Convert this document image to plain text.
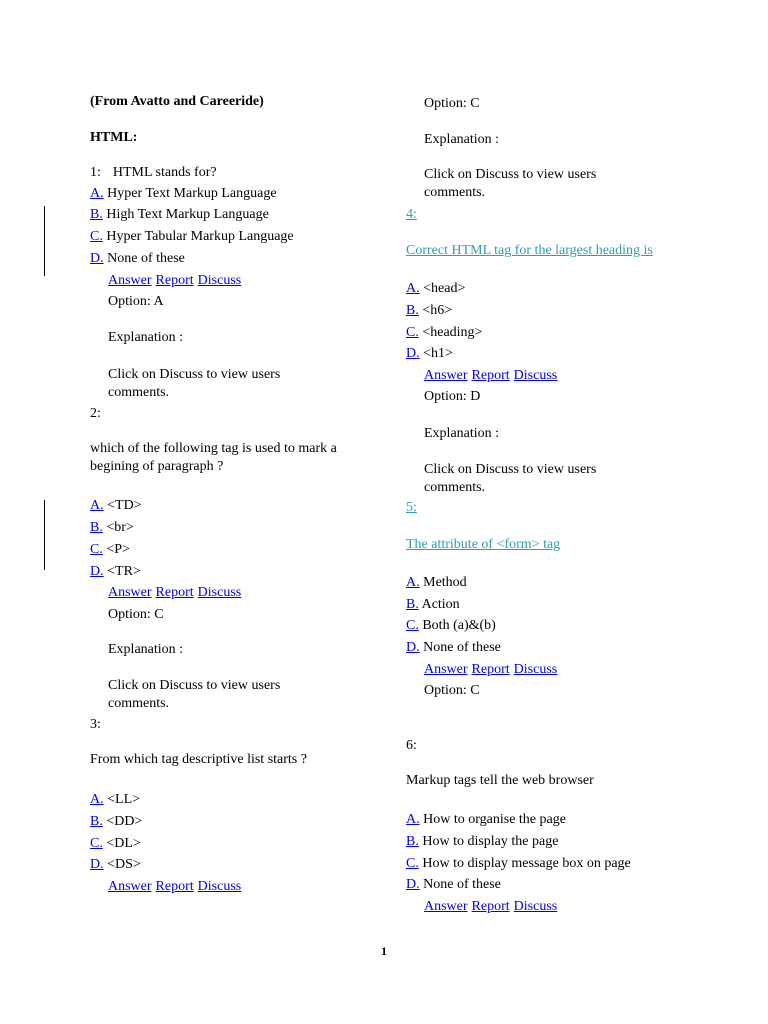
(From Avatto and Careeride)
HTML:
1: HTML stands for?
A. Hyper Text Markup Language
B. High Text Markup Language
C. Hyper Tabular Markup Language
D. None of these
Answer Report Discuss
Option: A
Explanation :
Click on Discuss to view users comments.
2:
which of the following tag is used to mark a begining of paragraph ?
A. <TD>
B. <br>
C. <P>
D. <TR>
Answer Report Discuss
Option: C
Explanation :
Click on Discuss to view users comments.
3:
From which tag descriptive list starts ?
A. <LL>
B. <DD>
C. <DL>
D. <DS>
Answer Report Discuss
Option: C
Explanation :
Click on Discuss to view users comments.
4:
Correct HTML tag for the largest heading is
A. <head>
B. <h6>
C. <heading>
D. <h1>
Answer Report Discuss
Option: D
Explanation :
Click on Discuss to view users comments.
5:
The attribute of <form> tag
A. Method
B. Action
C. Both (a)&(b)
D. None of these
Answer Report Discuss
Option: C
6:
Markup tags tell the web browser
A. How to organise the page
B. How to display the page
C. How to display message box on page
D. None of these
Answer Report Discuss
1
